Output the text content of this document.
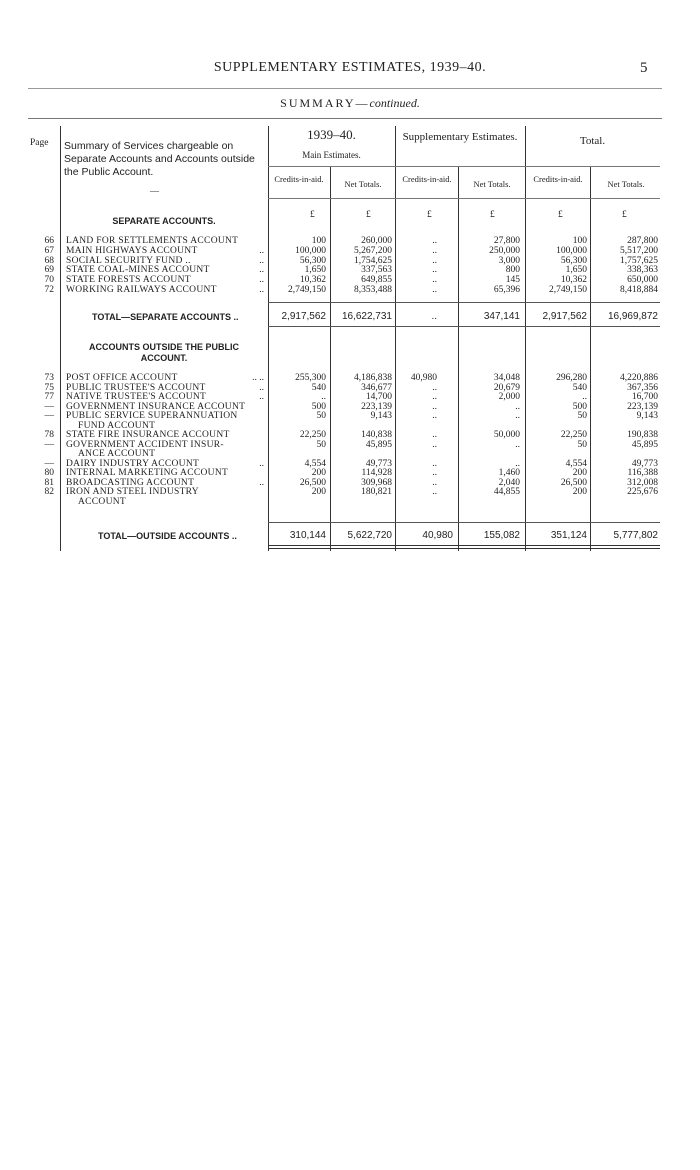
SUPPLEMENTARY ESTIMATES, 1939–40.	5
SUMMARY—continued.
Page Summary of Services chargeable on Separate Accounts and Accounts outside the Public Account.
—
1939–40.
Main Estimates.
Supplementary Estimates.	Total.
Credits-in-aid.	Net Totals.	Credits-in-aid.	Net Totals.	Credits-in-aid.	Net Totals.
£	£	£	£	£	£
SEPARATE ACCOUNTS.
66 LAND FOR SETTLEMENTS ACCOUNT	100	260,000	..	27,800	100	287,800
67 MAIN HIGHWAYS ACCOUNT	..	100,000	5,267,200	..	250,000	100,000	5,517,200
68 SOCIAL SECURITY FUND ..	..	56,300	1,754,625	..	3,000	56,300	1,757,625
69 STATE COAL-MINES ACCOUNT	..	1,650	337,563	..	800	1,650	338,363
70 STATE FORESTS ACCOUNT	..	10,362	649,855	..	145	10,362	650,000
72 WORKING RAILWAYS ACCOUNT	..	2,749,150	8,353,488	..	65,396	2,749,150	8,418,884
TOTAL—SEPARATE ACCOUNTS ..	2,917,562	16,622,731	..	347,141	2,917,562	16,969,872
ACCOUNTS OUTSIDE THE PUBLIC
ACCOUNT.
73 POST OFFICE ACCOUNT	.. ..	255,300	4,186,838	40,980	34,048	296,280	4,220,886
75 PUBLIC TRUSTEE'S ACCOUNT	..	540	346,677	..	20,679	540	367,356
77 NATIVE TRUSTEE'S ACCOUNT	..	..	14,700	..	2,000	..	16,700
— GOVERNMENT INSURANCE ACCOUNT	500	223,139	..	..	500	223,139
— PUBLIC SERVICE SUPERANNUATION	50	9,143	..	..	50	9,143
FUND ACCOUNT
78 STATE FIRE INSURANCE ACCOUNT	22,250	140,838	..	50,000	22,250	190,838
— GOVERNMENT ACCIDENT INSUR-	50	45,895	..	..	50	45,895
ANCE ACCOUNT
— DAIRY INDUSTRY ACCOUNT	..	4,554	49,773	..	..	4,554	49,773
80 INTERNAL MARKETING ACCOUNT	200	114,928	..	1,460	200	116,388
81 BROADCASTING ACCOUNT	..	26,500	309,968	..	2,040	26,500	312,008
82 IRON AND STEEL INDUSTRY	200	180,821	..	44,855	200	225,676
ACCOUNT
TOTAL—OUTSIDE ACCOUNTS ..	310,144	5,622,720	40,980	155,082	351,124	5,777,802
